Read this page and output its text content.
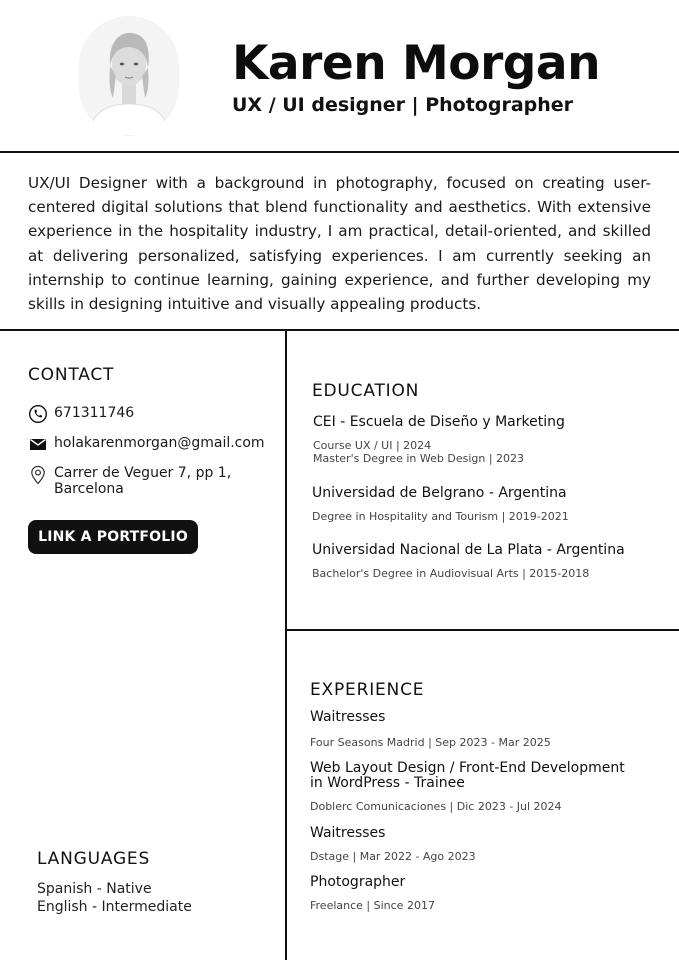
Karen Morgan
UX / UI designer | Photographer
UX/UI Designer with a background in photography, focused on creating user-centered digital solutions that blend functionality and aesthetics. With extensive experience in the hospitality industry, I am practical, detail-oriented, and skilled at delivering personalized, satisfying experiences. I am currently seeking an internship to continue learning, gaining experience, and further developing my skills in designing intuitive and visually appealing products.
CONTACT
671311746
holakarenmorgan@gmail.com
Carrer de Veguer 7, pp 1,
Barcelona
LINK A PORTFOLIO
LANGUAGES
Spanish - Native
English - Intermediate
EDUCATION
CEI - Escuela de Diseño y Marketing
Course UX / UI | 2024
Master's Degree in Web Design | 2023
Universidad de Belgrano - Argentina
Degree in Hospitality and Tourism | 2019-2021
Universidad Nacional de La Plata - Argentina
Bachelor's Degree in Audiovisual Arts | 2015-2018
EXPERIENCE
Waitresses
Four Seasons Madrid | Sep 2023 - Mar 2025
Web Layout Design / Front-End Development
in WordPress - Trainee
Doblerc Comunicaciones | Dic 2023 - Jul 2024
Waitresses
Dstage | Mar 2022 - Ago 2023
Photographer
Freelance | Since 2017
